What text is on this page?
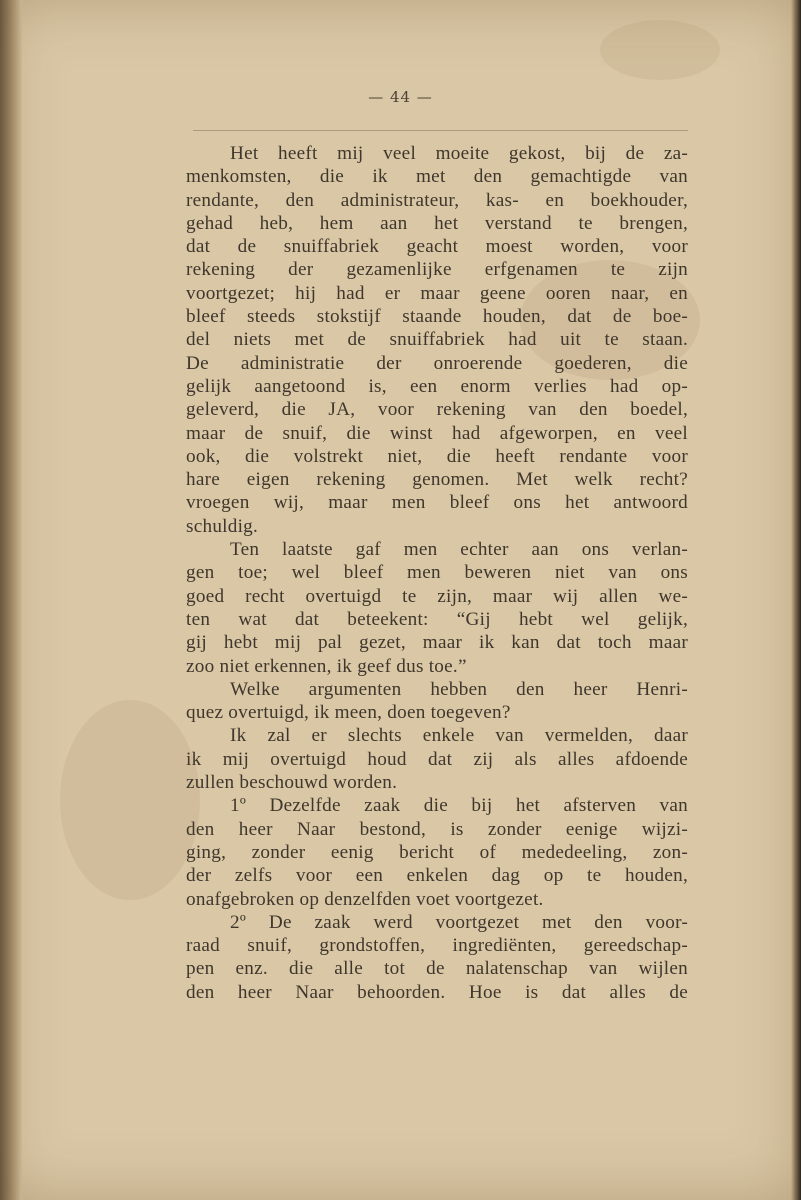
— 44 —
Het heeft mij veel moeite gekost, bij de za-
menkomsten, die ik met den gemachtigde van
rendante, den administrateur, kas- en boekhouder,
gehad heb, hem aan het verstand te brengen,
dat de snuiffabriek geacht moest worden, voor
rekening der gezamenlijke erfgenamen te zijn
voortgezet; hij had er maar geene ooren naar, en
bleef steeds stokstijf staande houden, dat de boe-
del niets met de snuiffabriek had uit te staan.
De administratie der onroerende goederen, die
gelijk aangetoond is, een enorm verlies had op-
geleverd, die JA, voor rekening van den boedel,
maar de snuif, die winst had afgeworpen, en veel
ook, die volstrekt niet, die heeft rendante voor
hare eigen rekening genomen. Met welk recht?
vroegen wij, maar men bleef ons het antwoord
schuldig.
Ten laatste gaf men echter aan ons verlan-
gen toe; wel bleef men beweren niet van ons
goed recht overtuigd te zijn, maar wij allen we-
ten wat dat beteekent: “Gij hebt wel gelijk,
gij hebt mij pal gezet, maar ik kan dat toch maar
zoo niet erkennen, ik geef dus toe.”
Welke argumenten hebben den heer Henri-
quez overtuigd, ik meen, doen toegeven?
Ik zal er slechts enkele van vermelden, daar
ik mij overtuigd houd dat zij als alles afdoende
zullen beschouwd worden.
1º Dezelfde zaak die bij het afsterven van
den heer Naar bestond, is zonder eenige wijzi-
ging, zonder eenig bericht of mededeeling, zon-
der zelfs voor een enkelen dag op te houden,
onafgebroken op denzelfden voet voortgezet.
2º De zaak werd voortgezet met den voor-
raad snuif, grondstoffen, ingrediënten, gereedschap-
pen enz. die alle tot de nalatenschap van wijlen
den heer Naar behoorden. Hoe is dat alles de
